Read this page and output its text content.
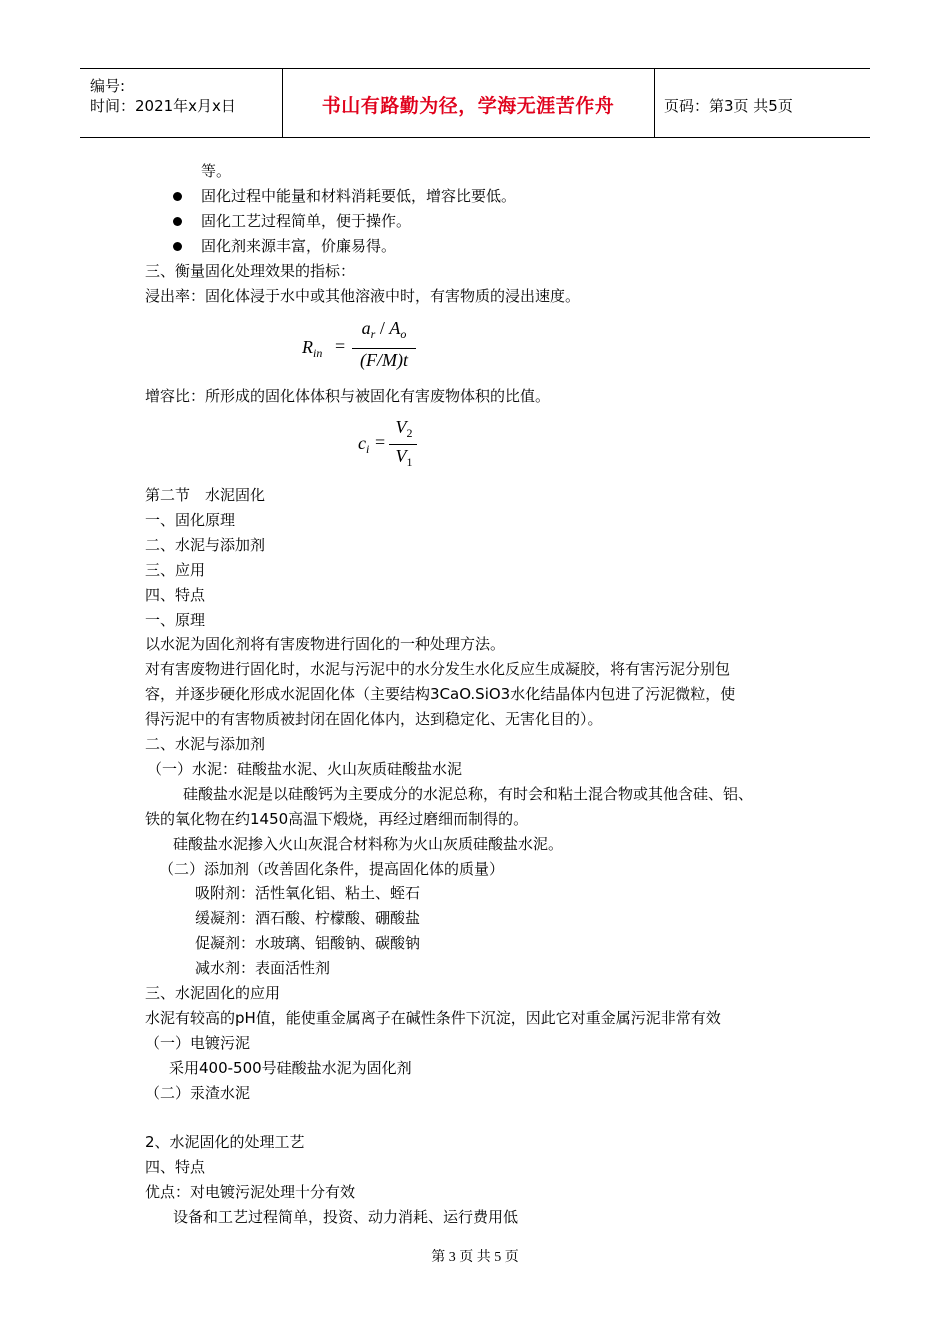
编号:
时间：2021年x月x日	书山有路勤为径，学海无涯苦作舟	页码：第3页 共5页
等。
固化过程中能量和材料消耗要低，增容比要低。
固化工艺过程简单，便于操作。
固化剂来源丰富，价廉易得。
三、衡量固化处理效果的指标：
浸出率：固化体浸于水中或其他溶液中时，有害物质的浸出速度。
$R_{in}$ =
$a_r / A_o$
(F/M)t
增容比：所形成的固化体体积与被固化有害废物体积的比值。
$c_i$ =
$V_2$
$V_1$
第二节　水泥固化
一、固化原理
二、水泥与添加剂
三、应用
四、特点
一、原理
以水泥为固化剂将有害废物进行固化的一种处理方法。
对有害废物进行固化时，水泥与污泥中的水分发生水化反应生成凝胶，将有害污泥分别包
容，并逐步硬化形成水泥固化体（主要结构3CaO.SiO3水化结晶体内包进了污泥微粒，使
得污泥中的有害物质被封闭在固化体内，达到稳定化、无害化目的）。
二、水泥与添加剂
（一）水泥：硅酸盐水泥、火山灰质硅酸盐水泥
硅酸盐水泥是以硅酸钙为主要成分的水泥总称，有时会和粘土混合物或其他含硅、铝、
铁的氧化物在约1450高温下煅烧，再经过磨细而制得的。
硅酸盐水泥掺入火山灰混合材料称为火山灰质硅酸盐水泥。
（二）添加剂（改善固化条件，提高固化体的质量）
吸附剂：活性氧化铝、粘土、蛭石
缓凝剂：酒石酸、柠檬酸、硼酸盐
促凝剂：水玻璃、铝酸钠、碳酸钠
减水剂：表面活性剂
三、水泥固化的应用
水泥有较高的pH值，能使重金属离子在碱性条件下沉淀，因此它对重金属污泥非常有效
（一）电镀污泥
采用400-500号硅酸盐水泥为固化剂
（二）汞渣水泥
2、水泥固化的处理工艺
四、特点
优点：对电镀污泥处理十分有效
设备和工艺过程简单，投资、动力消耗、运行费用低
第 3 页 共 5 页
